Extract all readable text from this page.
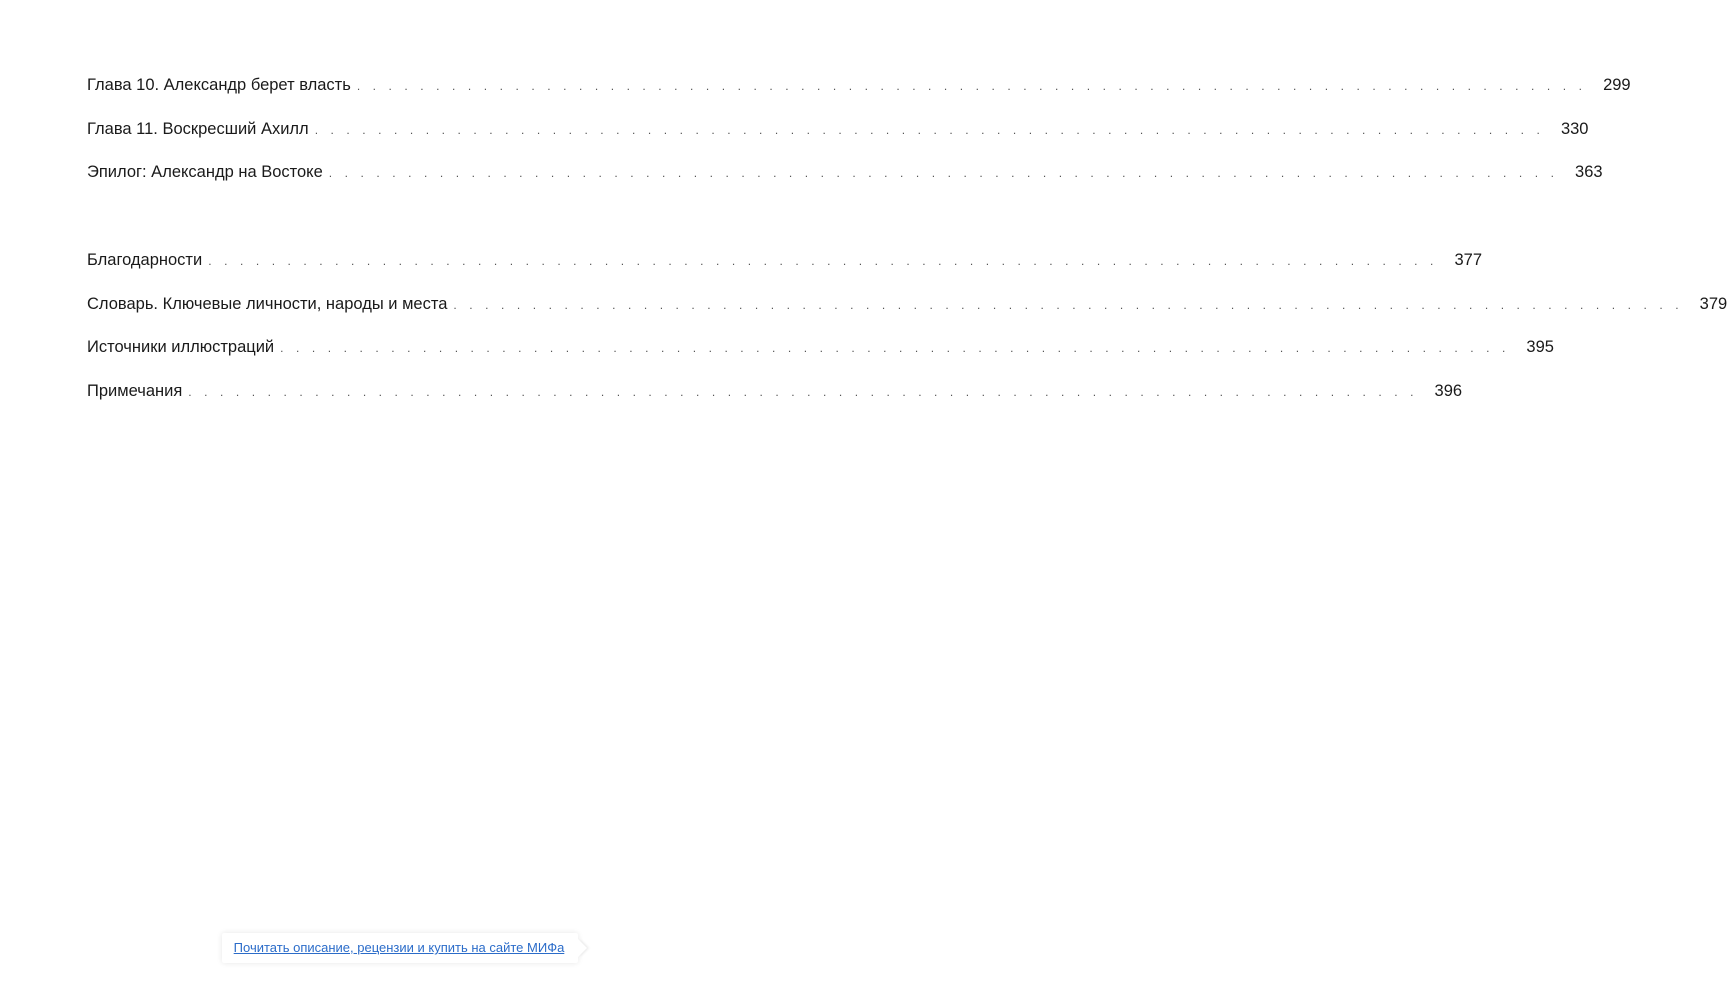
Глава 10. Александр берет власть . . . . . . . . . . . . . . . . . . . . . . . . . . . . . . . . . . . . . . . . . . . . . . . . . . . . . . . . . . . . . . . . . . . . . . . . . . . . . . 299
Глава 11. Воскресший Ахилл . . . . . . . . . . . . . . . . . . . . . . . . . . . . . . . . . . . . . . . . . . . . . . . . . . . . . . . . . . . . . . . . . . . . . . . . . . . . . . 330
Эпилог: Александр на Востоке . . . . . . . . . . . . . . . . . . . . . . . . . . . . . . . . . . . . . . . . . . . . . . . . . . . . . . . . . . . . . . . . . . . . . . . . . . . . . . 363
Благодарности . . . . . . . . . . . . . . . . . . . . . . . . . . . . . . . . . . . . . . . . . . . . . . . . . . . . . . . . . . . . . . . . . . . . . . . . . . . . . . 377
Словарь. Ключевые личности, народы и места . . . . . . . . . . . . . . . . . . . . . . . . . . . . . . . . . . . . . . . . . . . . . . . . . . . . . . . . . . . . . . . . . . . . . . . . . . . . . . 379
Источники иллюстраций . . . . . . . . . . . . . . . . . . . . . . . . . . . . . . . . . . . . . . . . . . . . . . . . . . . . . . . . . . . . . . . . . . . . . . . . . . . . . . 395
Примечания . . . . . . . . . . . . . . . . . . . . . . . . . . . . . . . . . . . . . . . . . . . . . . . . . . . . . . . . . . . . . . . . . . . . . . . . . . . . . . 396
Почитать описание, рецензии и купить на сайте МИФа
